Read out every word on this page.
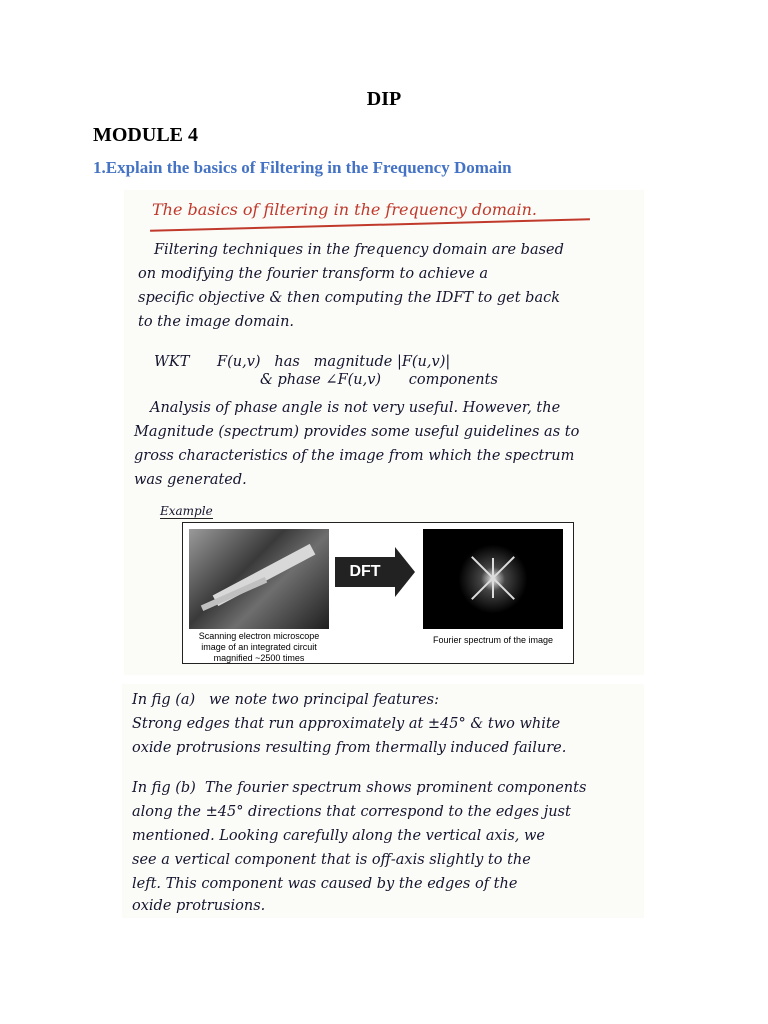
DIP
MODULE 4
1.Explain the basics of Filtering in the Frequency Domain
The basics of filtering in the frequency domain.
Filtering techniques in the frequency domain are based
on modifying the fourier transform to achieve a
specific objective & then computing the IDFT to get back
to the image domain.
WKT      F(u,v)   has   magnitude |F(u,v)|
& phase ∠F(u,v)      components
Analysis of phase angle is not very useful. However, the
Magnitude (spectrum) provides some useful guidelines as to
gross characteristics of the image from which the spectrum
was generated.
Example
DFT
Scanning electron microscope image of an integrated circuit magnified ~2500 times
Fourier spectrum of the image
In fig (a)   we note two principal features:
Strong edges that run approximately at ±45° & two white
oxide protrusions resulting from thermally induced failure.
In fig (b)  The fourier spectrum shows prominent components
along the ±45° directions that correspond to the edges just
mentioned. Looking carefully along the vertical axis, we
see a vertical component that is off-axis slightly to the
left. This component was caused by the edges of the
oxide protrusions.
